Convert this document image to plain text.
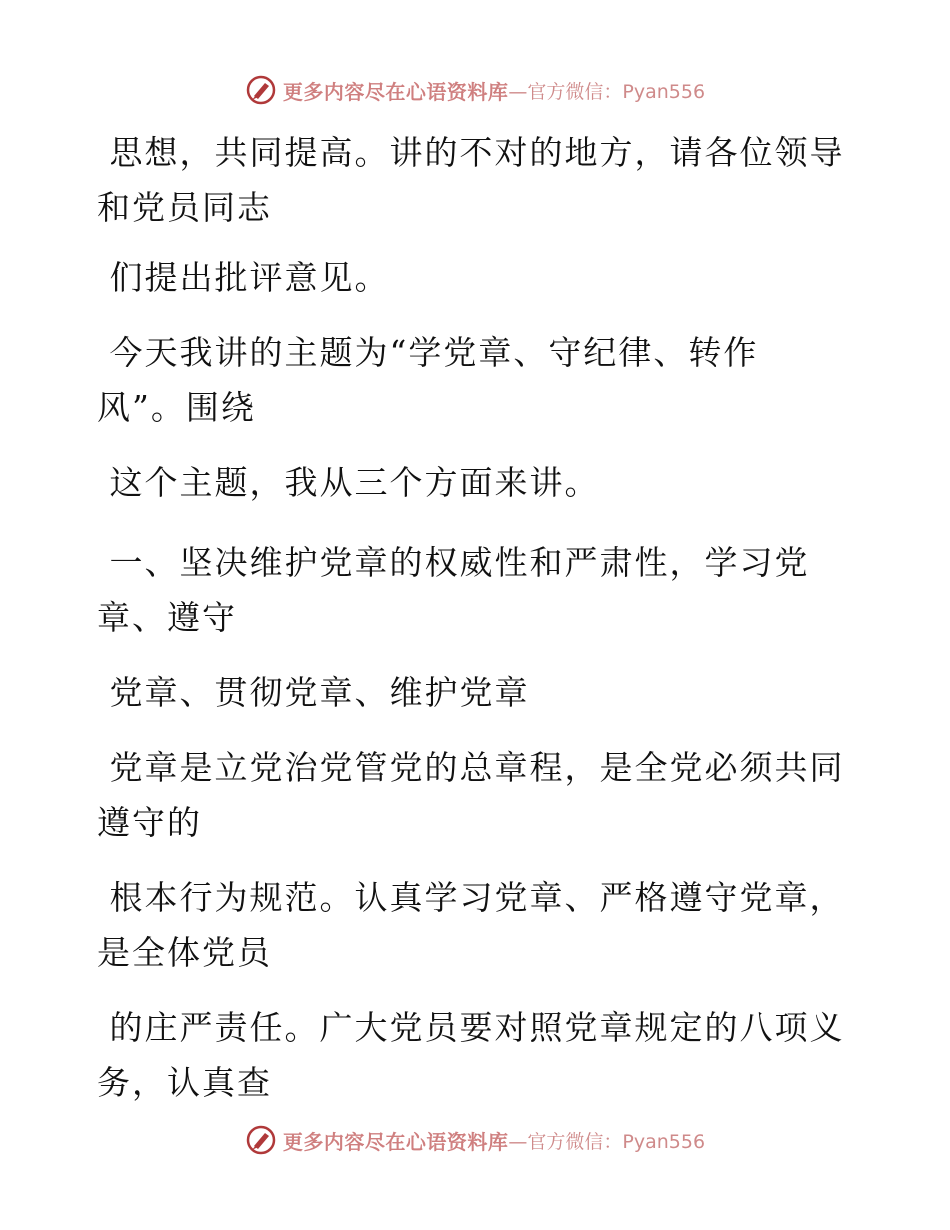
更多内容尽在心语资料库 —官方微信：Pyan556

思想，共同提高。讲的不对的地方，请各位领导
和党员同志

们提出批评意见。

今天我讲的主题为“学党章、守纪律、转作
风”。围绕

这个主题，我从三个方面来讲。

一、坚决维护党章的权威性和严肃性，学习党
章、遵守

党章、贯彻党章、维护党章

党章是立党治党管党的总章程，是全党必须共同
遵守的

根本行为规范。认真学习党章、严格遵守党章，
是全体党员

的庄严责任。广大党员要对照党章规定的八项义
务，认真查

更多内容尽在心语资料库 —官方微信：Pyan556
